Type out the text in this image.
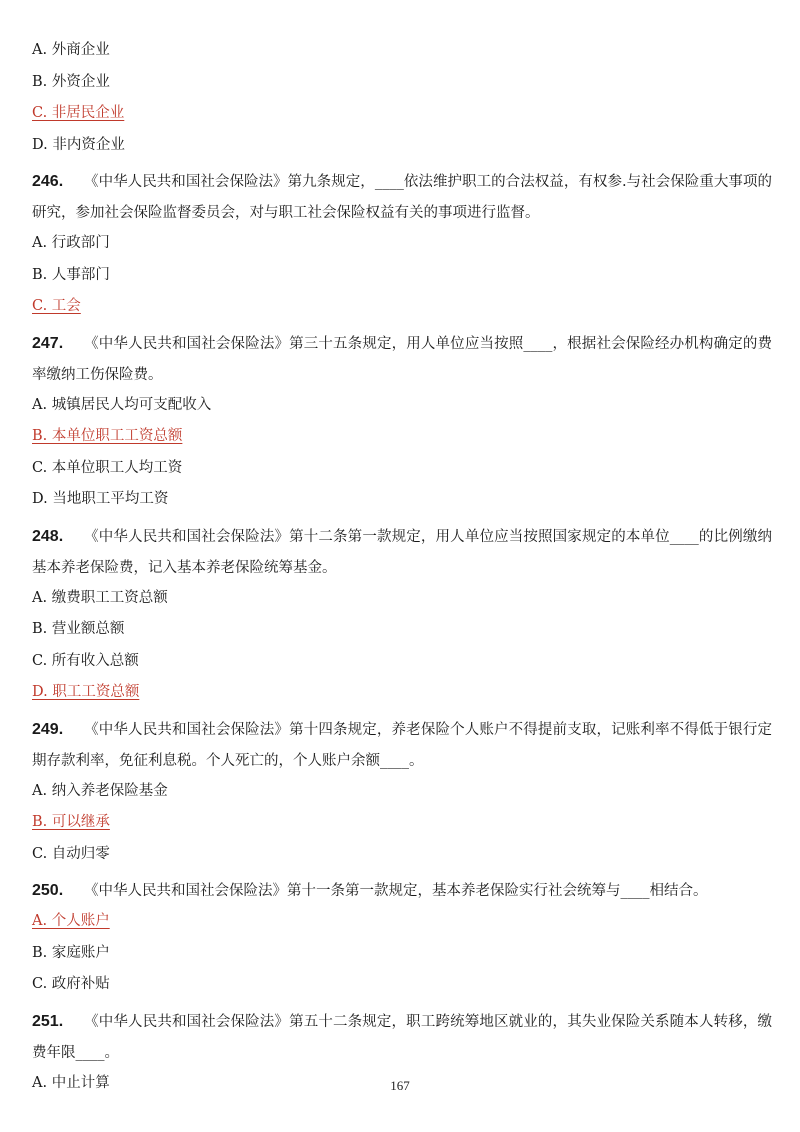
A. 外商企业
B. 外资企业
C. 非居民企业
D. 非内资企业
246. 《中华人民共和国社会保险法》第九条规定，____依法维护职工的合法权益，有权参.与社会保险重大事项的研究，参加社会保险监督委员会，对与职工社会保险权益有关的事项进行监督。
A. 行政部门
B. 人事部门
C. 工会
247. 《中华人民共和国社会保险法》第三十五条规定，用人单位应当按照____，根据社会保险经办机构确定的费率缴纳工伤保险费。
A. 城镇居民人均可支配收入
B. 本单位职工工资总额
C. 本单位职工人均工资
D. 当地职工平均工资
248. 《中华人民共和国社会保险法》第十二条第一款规定，用人单位应当按照国家规定的本单位____的比例缴纳基本养老保险费，记入基本养老保险统筹基金。
A. 缴费职工工资总额
B. 营业额总额
C. 所有收入总额
D. 职工工资总额
249. 《中华人民共和国社会保险法》第十四条规定，养老保险个人账户不得提前支取，记账利率不得低于银行定期存款利率，免征利息税。个人死亡的，个人账户余额____。
A. 纳入养老保险基金
B. 可以继承
C. 自动归零
250. 《中华人民共和国社会保险法》第十一条第一款规定，基本养老保险实行社会统筹与____相结合。
A. 个人账户
B. 家庭账户
C. 政府补贴
251. 《中华人民共和国社会保险法》第五十二条规定，职工跨统筹地区就业的，其失业保险关系随本人转移，缴费年限____。
A. 中止计算	167
